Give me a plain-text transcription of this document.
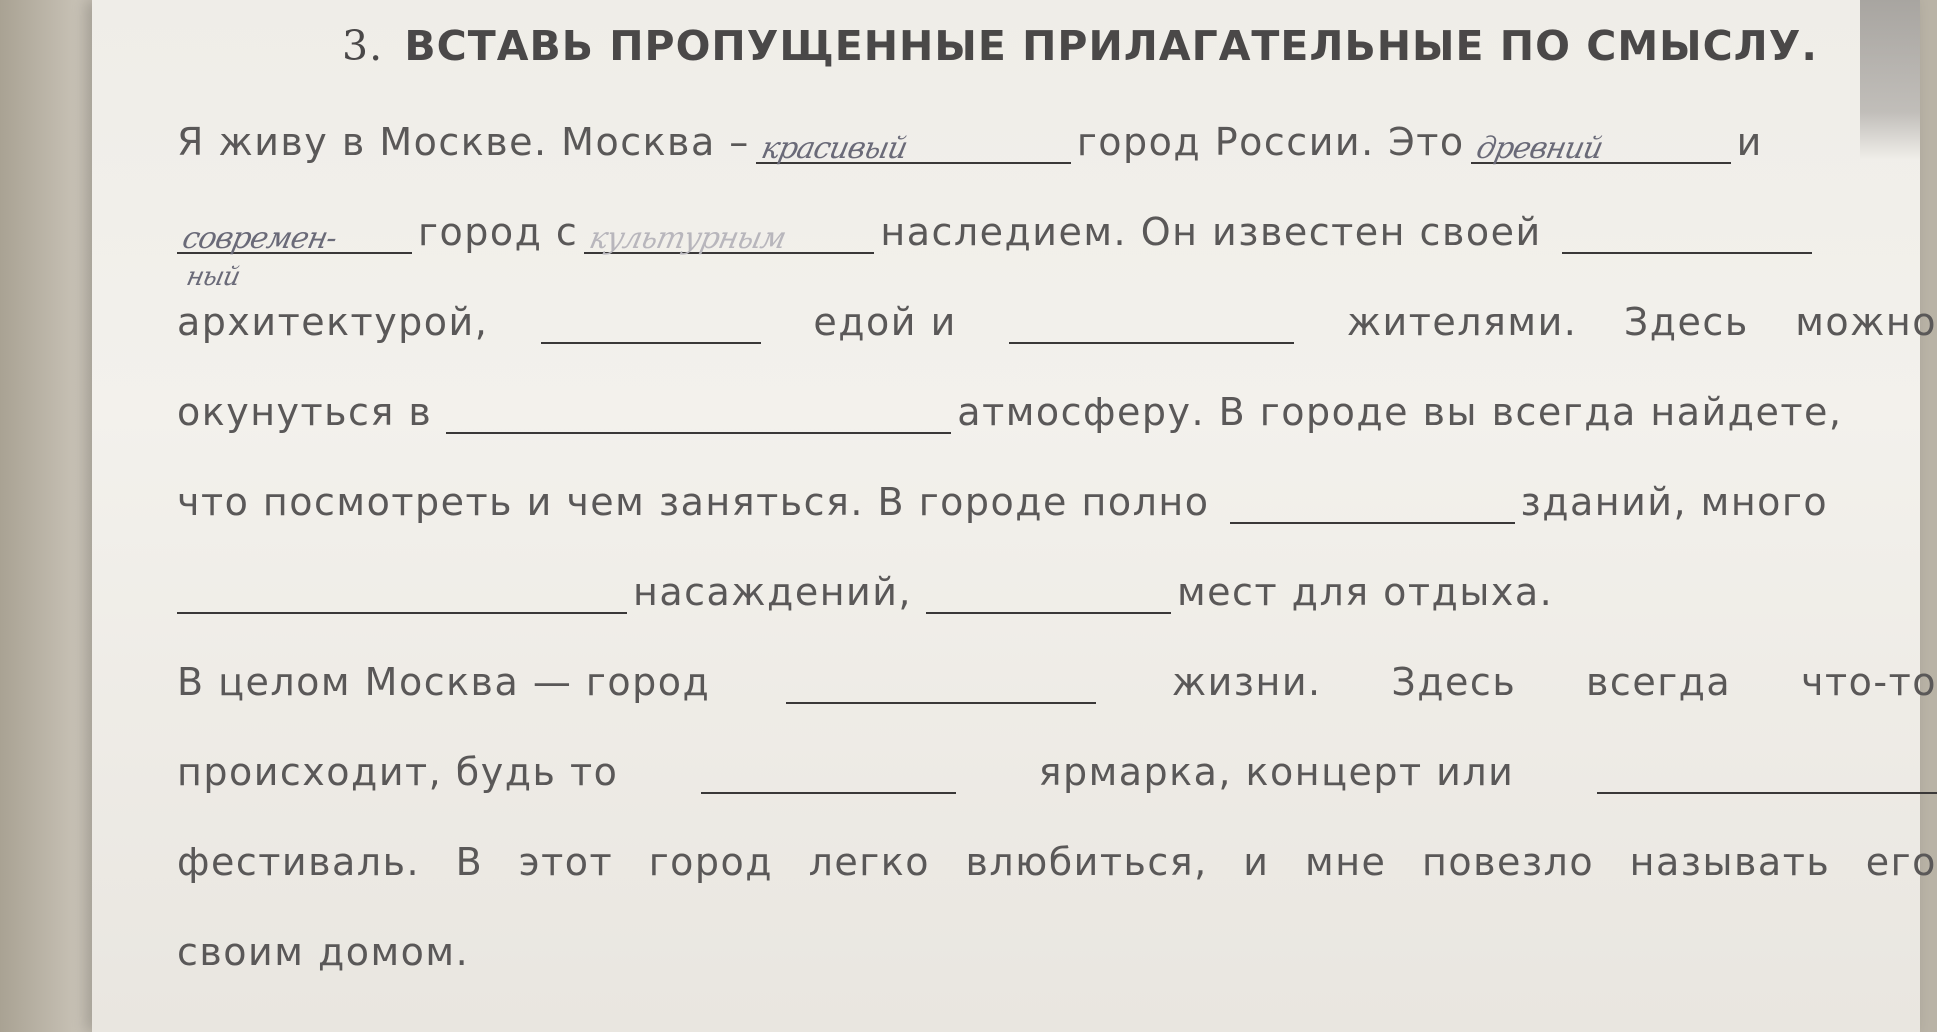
3. ВСТАВЬ ПРОПУЩЕННЫЕ ПРИЛАГАТЕЛЬНЫЕ ПО СМЫСЛУ.
Я живу в Москве. Москва – красивый	город России. Это древний	и
современ-
ный
город с культурным наследием. Он известен своей
архитектурой,	едой и	жителями. Здесь можно
окунуться в	атмосферу. В городе вы всегда найдете,
что посмотреть и чем заняться. В городе полно	зданий, много
насаждений,	мест для отдыха.
В целом Москва — город	жизни. Здесь всегда что-то
происходит, будь то	ярмарка, концерт или
фестиваль. В этот город легко влюбиться, и мне повезло называть его
своим домом.
